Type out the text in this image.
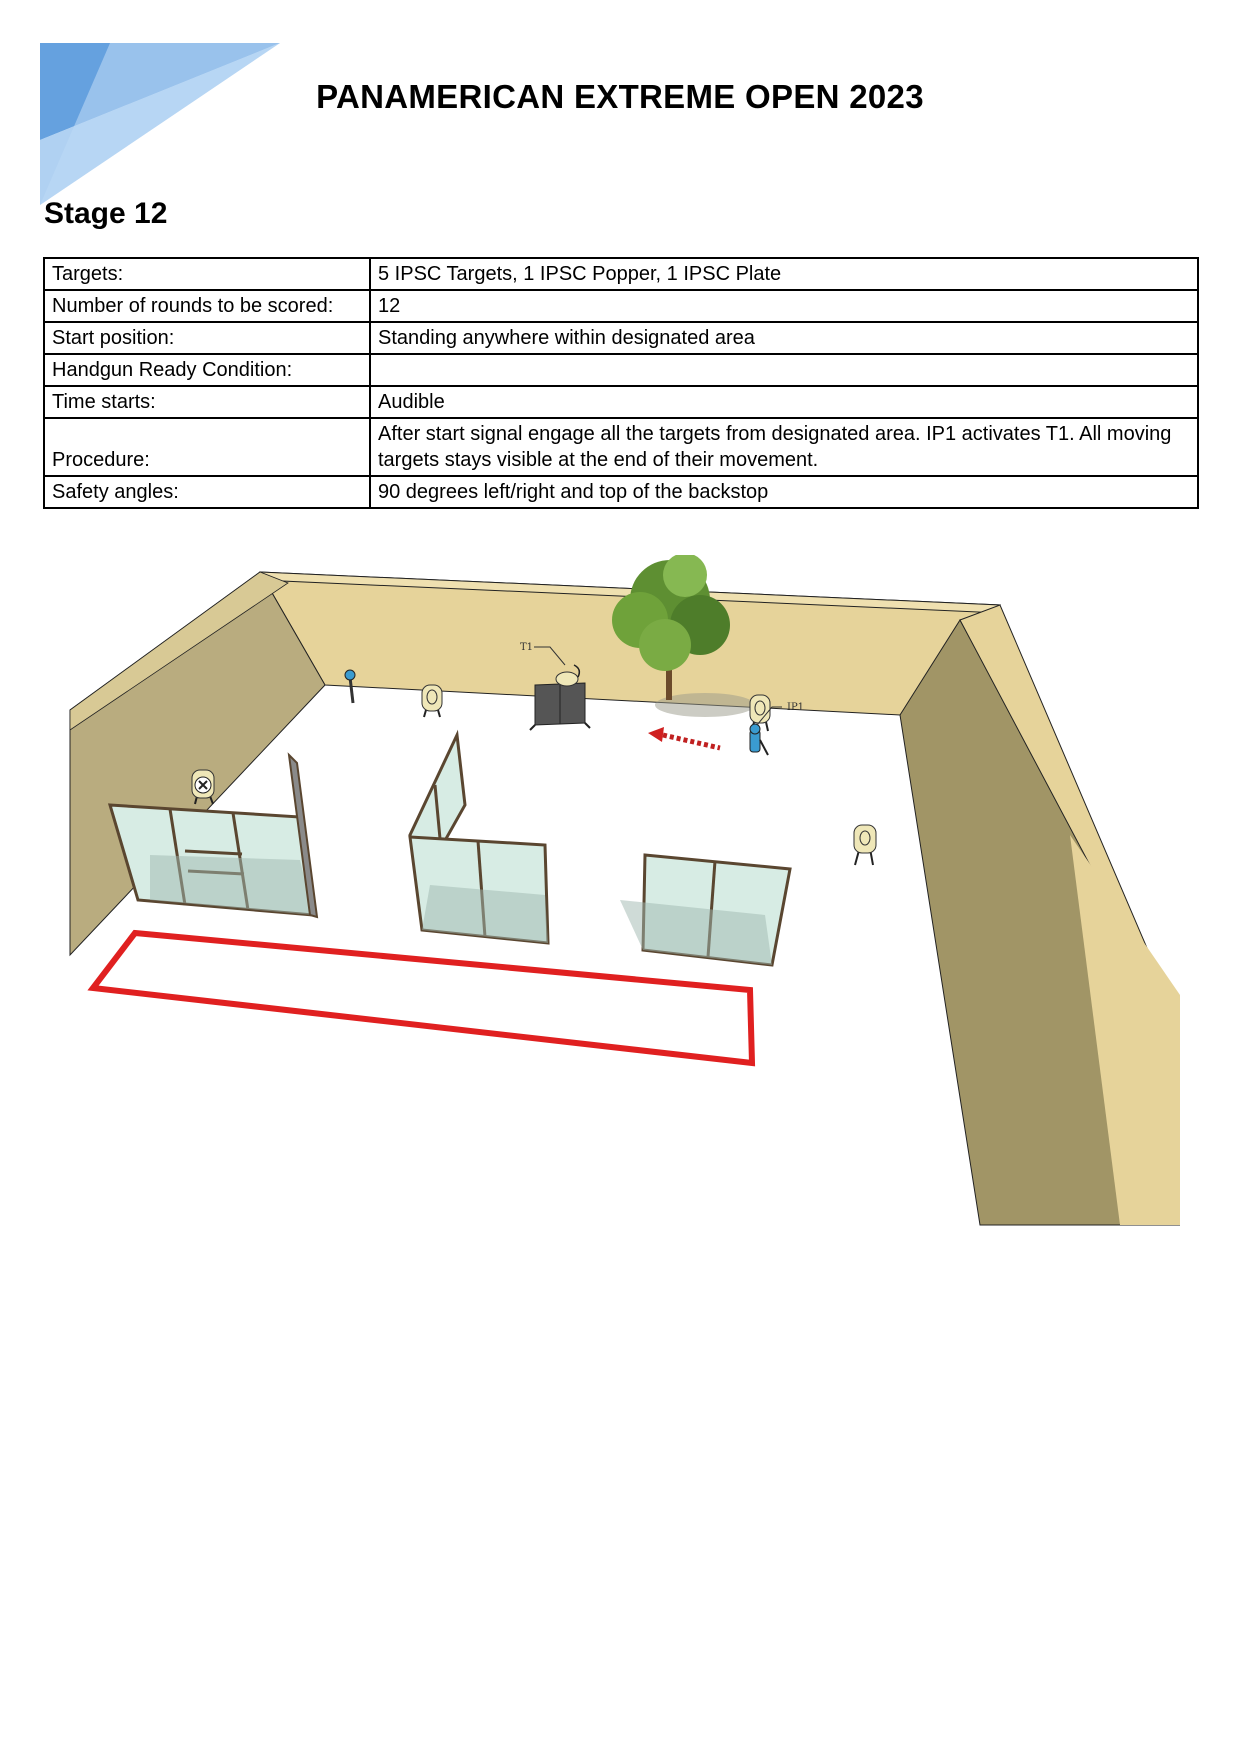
PANAMERICAN EXTREME OPEN 2023
Stage 12
Targets:	5 IPSC Targets, 1 IPSC Popper, 1 IPSC Plate
Number of rounds to be scored:	12
Start position:	Standing anywhere within designated area
Handgun Ready Condition:	
Time starts:	Audible
Procedure:	After start signal engage all the targets from designated area. IP1 activates T1. All moving targets stays visible at the end of their movement.
Safety angles:	90 degrees left/right and top of the backstop
T1
IP1
